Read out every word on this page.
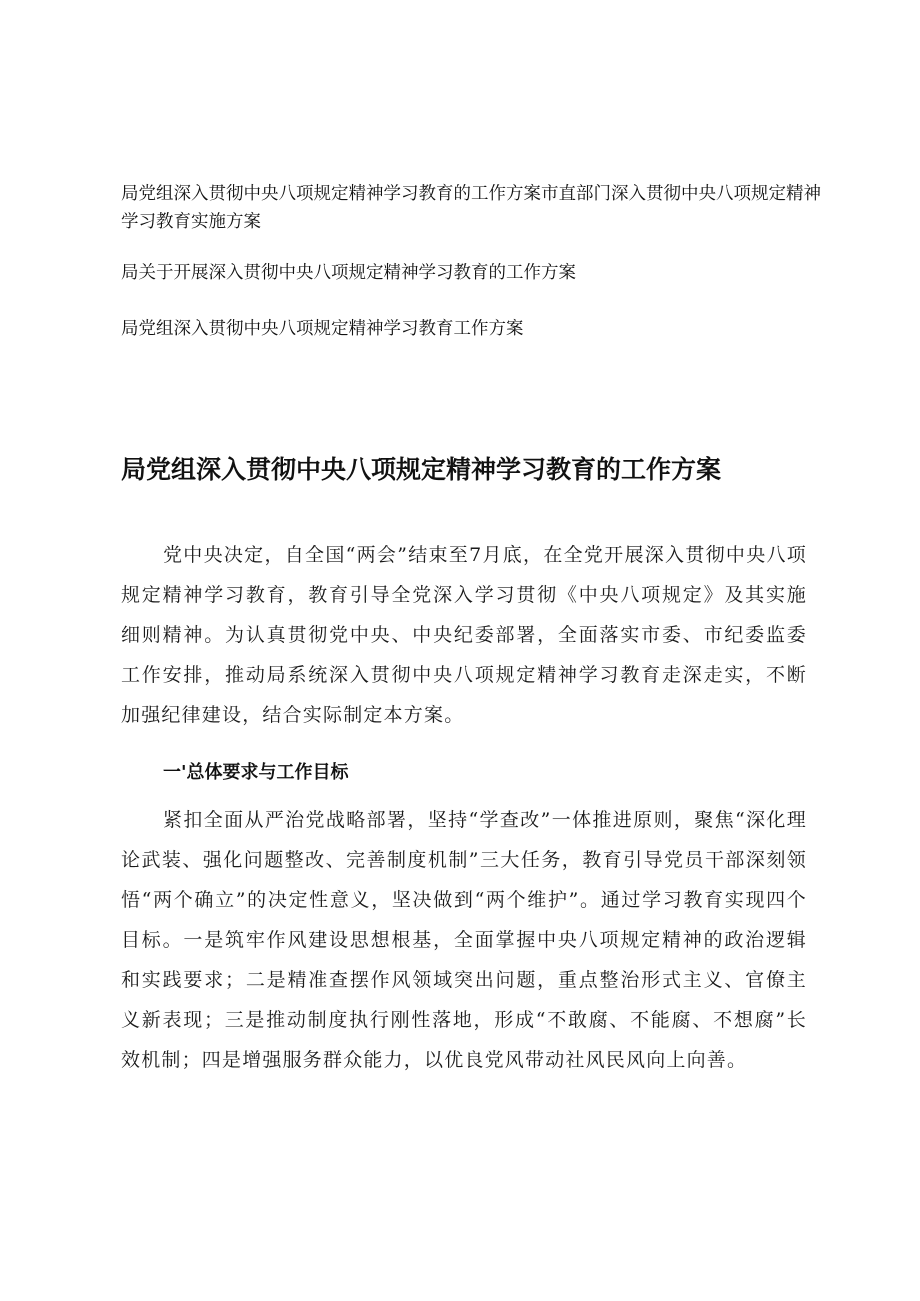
局党组深入贯彻中央八项规定精神学习教育的工作方案市直部门深入贯彻中央八项规定精神学习教育实施方案

局关于开展深入贯彻中央八项规定精神学习教育的工作方案

局党组深入贯彻中央八项规定精神学习教育工作方案

局党组深入贯彻中央八项规定精神学习教育的工作方案

党中央决定，自全国“两会”结束至7月底，在全党开展深入贯彻中央八项规定精神学习教育，教育引导全党深入学习贯彻《中央八项规定》及其实施细则精神。为认真贯彻党中央、中央纪委部署，全面落实市委、市纪委监委工作安排，推动局系统深入贯彻中央八项规定精神学习教育走深走实，不断加强纪律建设，结合实际制定本方案。

一'总体要求与工作目标

紧扣全面从严治党战略部署，坚持“学查改”一体推进原则，聚焦“深化理论武装、强化问题整改、完善制度机制”三大任务，教育引导党员干部深刻领悟“两个确立”的决定性意义，坚决做到“两个维护”。通过学习教育实现四个目标。一是筑牢作风建设思想根基，全面掌握中央八项规定精神的政治逻辑和实践要求；二是精准查摆作风领域突出问题，重点整治形式主义、官僚主义新表现；三是推动制度执行刚性落地，形成“不敢腐、不能腐、不想腐”长效机制；四是增强服务群众能力，以优良党风带动社风民风向上向善。
